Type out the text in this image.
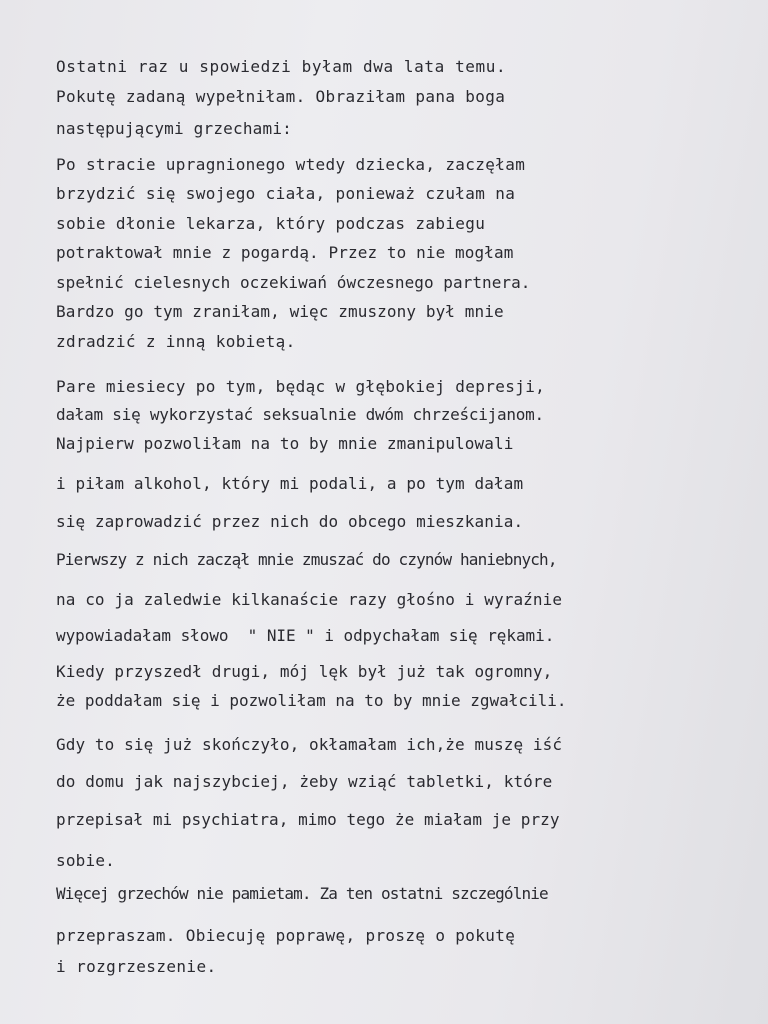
Ostatni raz u spowiedzi byłam dwa lata temu.

Pokutę zadaną wypełniłam. Obraziłam pana boga

następującymi grzechami:

Po stracie upragnionego wtedy dziecka, zaczęłam

brzydzić się swojego ciała, ponieważ czułam na

sobie dłonie lekarza, który podczas zabiegu

potraktował mnie z pogardą. Przez to nie mogłam

spełnić cielesnych oczekiwań ówczesnego partnera.

Bardzo go tym zraniłam, więc zmuszony był mnie

zdradzić z inną kobietą.

Pare miesiecy po tym, będąc w głębokiej depresji,

dałam się wykorzystać seksualnie dwóm chrześcijanom.

Najpierw pozwoliłam na to by mnie zmanipulowali

i piłam alkohol, który mi podali, a po tym dałam

się zaprowadzić przez nich do obcego mieszkania.

Pierwszy z nich zaczął mnie zmuszać do czynów haniebnych,

na co ja zaledwie kilkanaście razy głośno i wyraźnie

wypowiadałam słowo  " NIE " i odpychałam się rękami.

Kiedy przyszedł drugi, mój lęk był już tak ogromny,

że poddałam się i pozwoliłam na to by mnie zgwałcili.

Gdy to się już skończyło, okłamałam ich,że muszę iść

do domu jak najszybciej, żeby wziąć tabletki, które

przepisał mi psychiatra, mimo tego że miałam je przy

sobie.

Więcej grzechów nie pamietam. Za ten ostatni szczególnie

przepraszam. Obiecuję poprawę, proszę o pokutę

i rozgrzeszenie.
